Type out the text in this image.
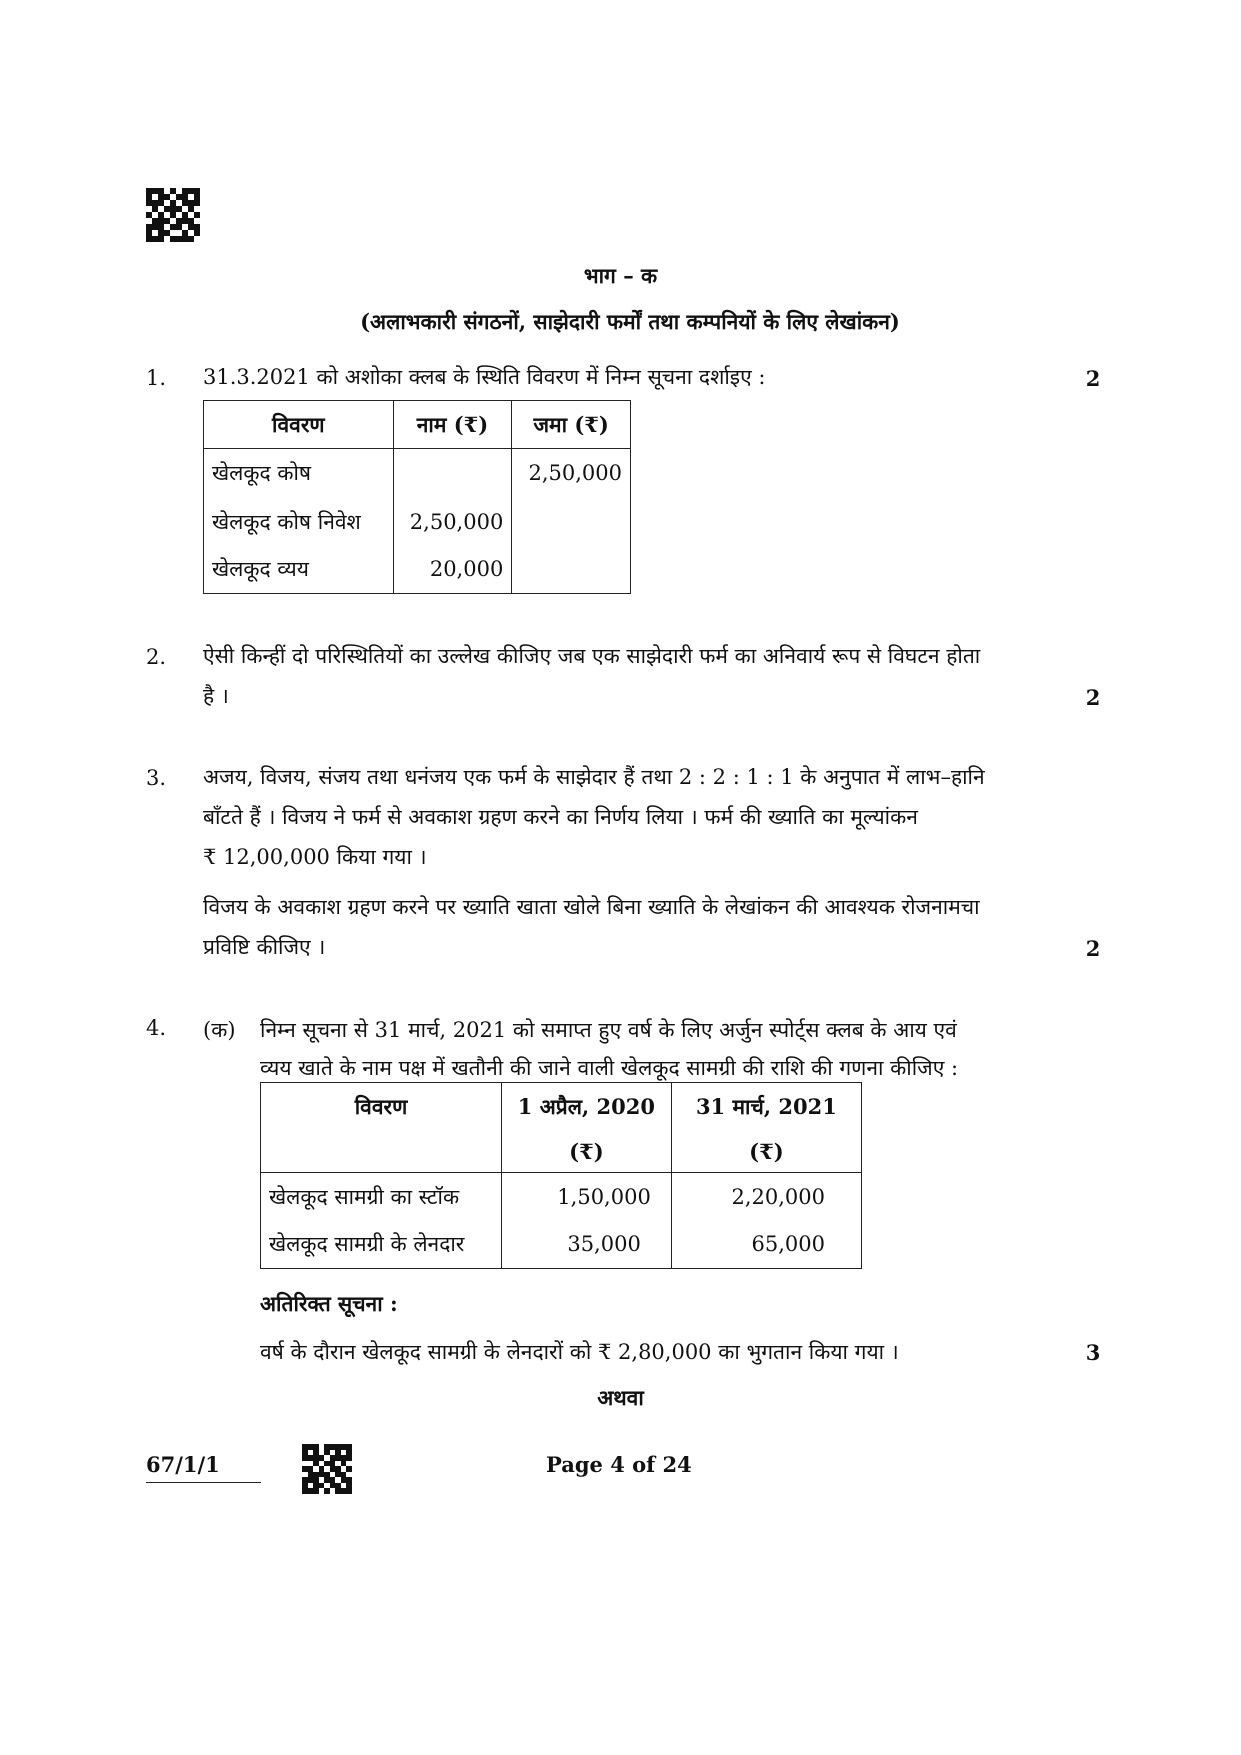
भाग – क
(अलाभकारी संगठनों, साझेदारी फर्मों तथा कम्पनियों के लिए लेखांकन)
1. 31.3.2021 को अशोका क्लब के स्थिति विवरण में निम्न सूचना दर्शाइए :	2
विवरण	नाम (₹)	जमा (₹)
खेलकूद कोष		2,50,000
खेलकूद कोष निवेश	2,50,000	
खेलकूद व्यय	20,000	
2. ऐसी किन्हीं दो परिस्थितियों का उल्लेख कीजिए जब एक साझेदारी फर्म का अनिवार्य रूप से विघटन होता
है ।	2
3. अजय, विजय, संजय तथा धनंजय एक फर्म के साझेदार हैं तथा 2 : 2 : 1 : 1 के अनुपात में लाभ–हानि
बाँटते हैं । विजय ने फर्म से अवकाश ग्रहण करने का निर्णय लिया । फर्म की ख्याति का मूल्यांकन
₹ 12,00,000 किया गया ।
विजय के अवकाश ग्रहण करने पर ख्याति खाता खोले बिना ख्याति के लेखांकन की आवश्यक रोजनामचा
प्रविष्टि कीजिए ।	2
4. (क) निम्न सूचना से 31 मार्च, 2021 को समाप्त हुए वर्ष के लिए अर्जुन स्पोर्ट्स क्लब के आय एवं
व्यय खाते के नाम पक्ष में खतौनी की जाने वाली खेलकूद सामग्री की राशि की गणना कीजिए :
विवरण	1 अप्रैल, 2020	31 मार्च, 2021
	(₹)	(₹)
खेलकूद सामग्री का स्टॉक	1,50,000	2,20,000
खेलकूद सामग्री के लेनदार	35,000	65,000
अतिरिक्त सूचना :
वर्ष के दौरान खेलकूद सामग्री के लेनदारों को ₹ 2,80,000 का भुगतान किया गया ।	3
अथवा
67/1/1	Page 4 of 24
